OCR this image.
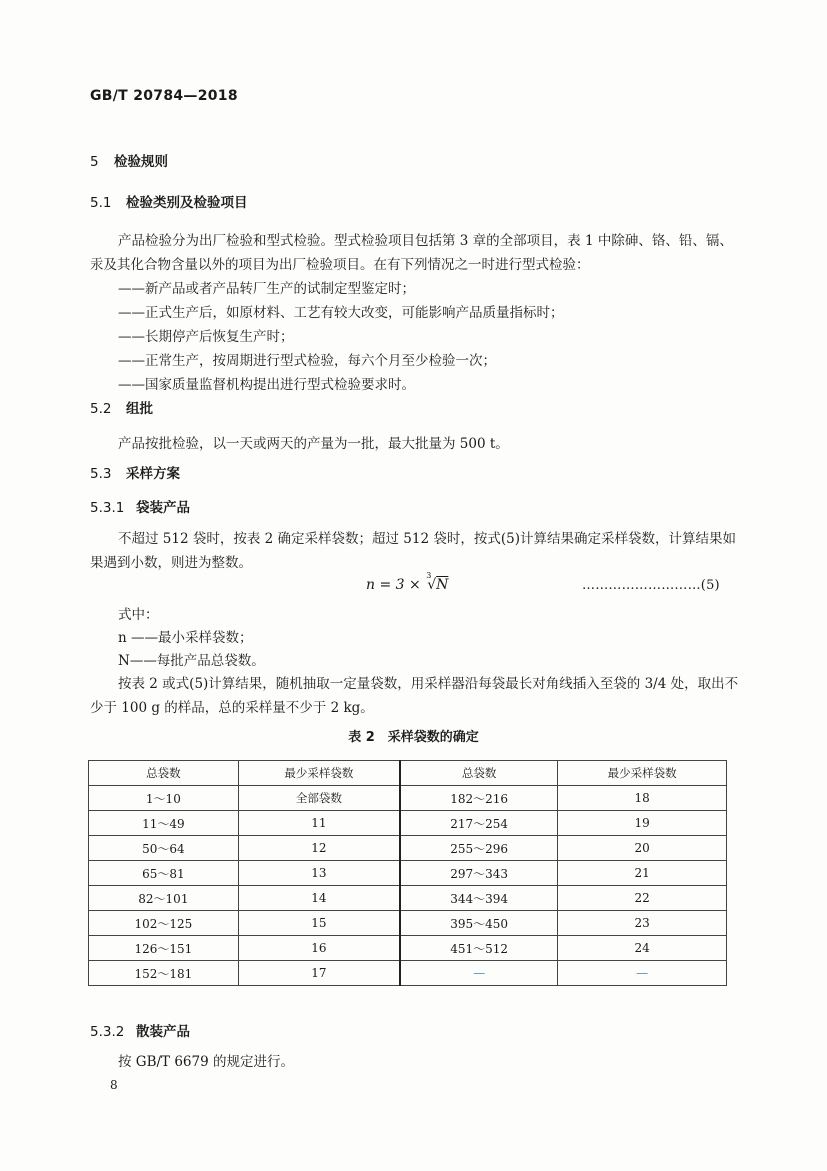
GB/T 20784—2018
5 检验规则
5.1 检验类别及检验项目
产品检验分为出厂检验和型式检验。型式检验项目包括第 3 章的全部项目，表 1 中除砷、铬、铅、镉、汞及其化合物含量以外的项目为出厂检验项目。在有下列情况之一时进行型式检验：
——新产品或者产品转厂生产的试制定型鉴定时；
——正式生产后，如原材料、工艺有较大改变，可能影响产品质量指标时；
——长期停产后恢复生产时；
——正常生产，按周期进行型式检验，每六个月至少检验一次；
——国家质量监督机构提出进行型式检验要求时。
5.2 组批
产品按批检验，以一天或两天的产量为一批，最大批量为 500 t。
5.3 采样方案
5.3.1 袋装产品
不超过 512 袋时，按表 2 确定采样袋数；超过 512 袋时，按式(5)计算结果确定采样袋数，计算结果如果遇到小数，则进为整数。
n = 3 ×
3
√N	………………………(5)
式中：
n ——最小采样袋数；
N——每批产品总袋数。
按表 2 或式(5)计算结果，随机抽取一定量袋数，用采样器沿每袋最长对角线插入至袋的 3/4 处，取出不少于 100 g 的样品，总的采样量不少于 2 kg。
表 2　采样袋数的确定
总袋数	最少采样袋数	总袋数	最少采样袋数
1～10	全部袋数	182～216	18
11～49	11	217～254	19
50～64	12	255～296	20
65～81	13	297～343	21
82～101	14	344～394	22
102～125	15	395～450	23
126～151	16	451～512	24
152～181	17	—	—
5.3.2 散装产品
按 GB/T 6679 的规定进行。
8
